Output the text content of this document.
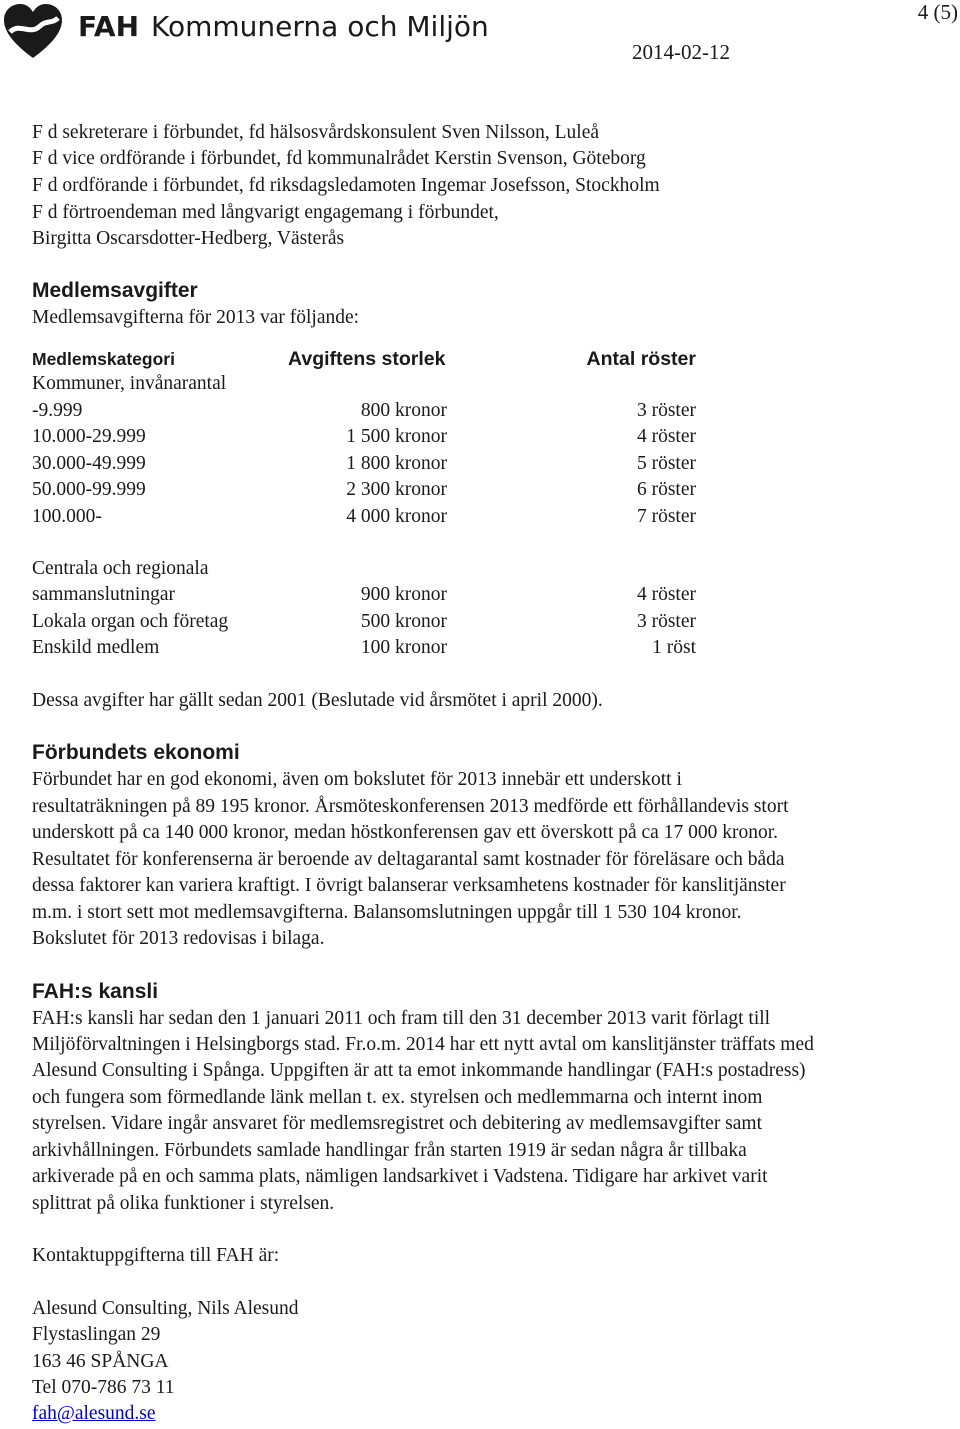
FAH Kommunerna och Miljön
2014-02-12
4 (5)
F d sekreterare i förbundet, fd hälsosvårdskonsulent Sven Nilsson, Luleå
F d vice ordförande i förbundet, fd kommunalrådet Kerstin Svenson, Göteborg
F d ordförande i förbundet, fd riksdagsledamoten Ingemar Josefsson, Stockholm
F d förtroendeman med långvarigt engagemang i förbundet,
Birgitta Oscarsdotter-Hedberg, Västerås
Medlemsavgifter
Medlemsavgifterna för 2013 var följande:
Medlemskategori	Avgiftens storlek	Antal röster
Kommuner, invånarantal
-9.999	800 kronor	3 röster
10.000-29.999	1 500 kronor	4 röster
30.000-49.999	1 800 kronor	5 röster
50.000-99.999	2 300 kronor	6 röster
100.000-	4 000 kronor	7 röster
Centrala och regionala
sammanslutningar	900 kronor	4 röster
Lokala organ och företag	500 kronor	3 röster
Enskild medlem	100 kronor	1 röst
Dessa avgifter har gällt sedan 2001 (Beslutade vid årsmötet i april 2000).
Förbundets ekonomi
Förbundet har en god ekonomi, även om bokslutet för 2013 innebär ett underskott i
resultaträkningen på 89 195 kronor. Årsmöteskonferensen 2013 medförde ett förhållandevis stort
underskott på ca 140 000 kronor, medan höstkonferensen gav ett överskott på ca 17 000 kronor.
Resultatet för konferenserna är beroende av deltagarantal samt kostnader för föreläsare och båda
dessa faktorer kan variera kraftigt. I övrigt balanserar verksamhetens kostnader för kanslitjänster
m.m. i stort sett mot medlemsavgifterna. Balansomslutningen uppgår till 1 530 104 kronor.
Bokslutet för 2013 redovisas i bilaga.
FAH:s kansli
FAH:s kansli har sedan den 1 januari 2011 och fram till den 31 december 2013 varit förlagt till
Miljöförvaltningen i Helsingborgs stad. Fr.o.m. 2014 har ett nytt avtal om kanslitjänster träffats med
Alesund Consulting i Spånga. Uppgiften är att ta emot inkommande handlingar (FAH:s postadress)
och fungera som förmedlande länk mellan t. ex. styrelsen och medlemmarna och internt inom
styrelsen. Vidare ingår ansvaret för medlemsregistret och debitering av medlemsavgifter samt
arkivhållningen. Förbundets samlade handlingar från starten 1919 är sedan några år tillbaka
arkiverade på en och samma plats, nämligen landsarkivet i Vadstena. Tidigare har arkivet varit
splittrat på olika funktioner i styrelsen.
Kontaktuppgifterna till FAH är:
Alesund Consulting, Nils Alesund
Flystaslingan 29
163 46 SPÅNGA
Tel 070-786 73 11
fah@alesund.se
